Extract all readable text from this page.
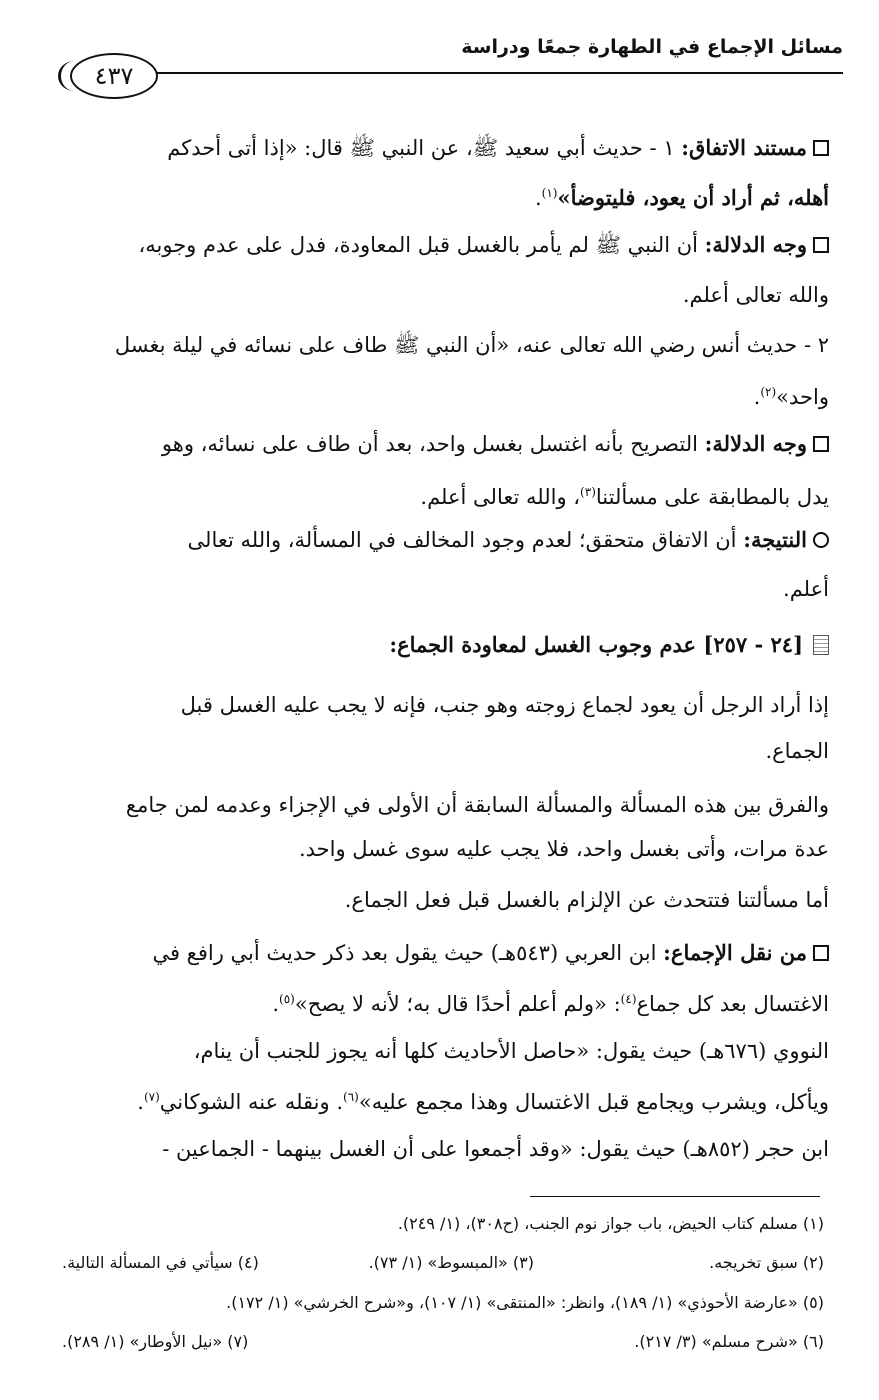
مسائل الإجماع في الطهارة جمعًا ودراسة
٤٣٧
مستند الاتفاق: ١ - حديث أبي سعيد ﷺ، عن النبي ﷺ قال: «إذا أتى أحدكم
أهله، ثم أراد أن يعود، فليتوضأ»$^{(١)}$.
وجه الدلالة: أن النبي ﷺ لم يأمر بالغسل قبل المعاودة، فدل على عدم وجوبه،
والله تعالى أعلم.
٢ - حديث أنس رضي الله تعالى عنه، «أن النبي ﷺ طاف على نسائه في ليلة بغسل
واحد»$^{(٢)}$.
وجه الدلالة: التصريح بأنه اغتسل بغسل واحد، بعد أن طاف على نسائه، وهو
يدل بالمطابقة على مسألتنا$^{(٣)}$، والله تعالى أعلم.
النتيجة: أن الاتفاق متحقق؛ لعدم وجود المخالف في المسألة، والله تعالى
أعلم.
[٢٤ - ٢٥٧] عدم وجوب الغسل لمعاودة الجماع:
إذا أراد الرجل أن يعود لجماع زوجته وهو جنب، فإنه لا يجب عليه الغسل قبل
الجماع.
والفرق بين هذه المسألة والمسألة السابقة أن الأولى في الإجزاء وعدمه لمن جامع
عدة مرات، وأتى بغسل واحد، فلا يجب عليه سوى غسل واحد.
أما مسألتنا فتتحدث عن الإلزام بالغسل قبل فعل الجماع.
من نقل الإجماع: ابن العربي (٥٤٣هـ) حيث يقول بعد ذكر حديث أبي رافع في
الاغتسال بعد كل جماع$^{(٤)}$: «ولم أعلم أحدًا قال به؛ لأنه لا يصح»$^{(٥)}$.
النووي (٦٧٦هـ) حيث يقول: «حاصل الأحاديث كلها أنه يجوز للجنب أن ينام،
ويأكل، ويشرب ويجامع قبل الاغتسال وهذا مجمع عليه»$^{(٦)}$. ونقله عنه الشوكاني$^{(٧)}$.
ابن حجر (٨٥٢هـ) حيث يقول: «وقد أجمعوا على أن الغسل بينهما - الجماعين -
(١) مسلم كتاب الحيض، باب جواز نوم الجنب، (ح٣٠٨)، (١/ ٢٤٩).
(٢) سبق تخريجه.
(٣) «المبسوط» (١/ ٧٣).
(٤) سيأتي في المسألة التالية.
(٥) «عارضة الأحوذي» (١/ ١٨٩)، وانظر: «المنتقى» (١/ ١٠٧)، و«شرح الخرشي» (١/ ١٧٢).
(٦) «شرح مسلم» (٣/ ٢١٧).
(٧) «نيل الأوطار» (١/ ٢٨٩).
